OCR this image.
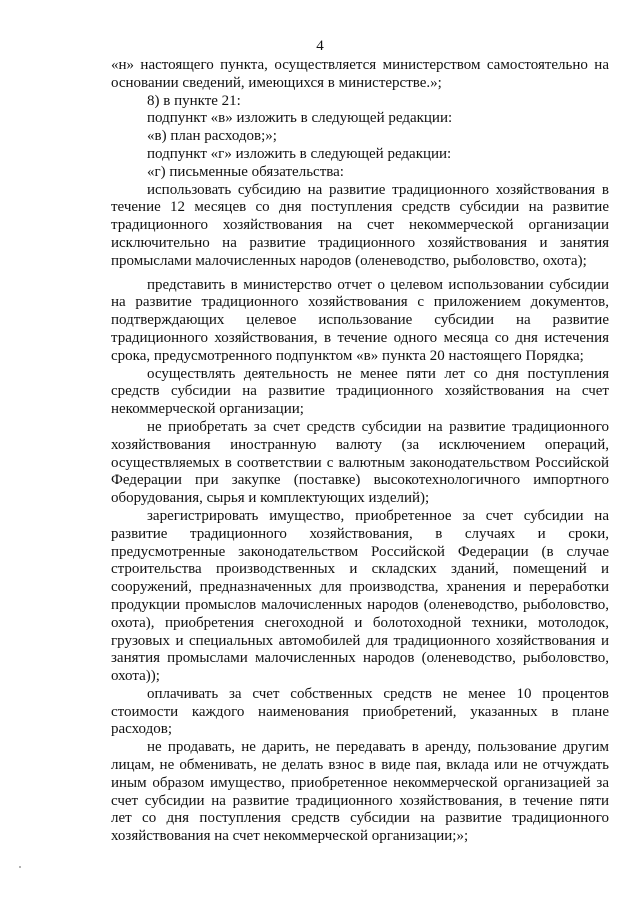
4

«н» настоящего пункта, осуществляется министерством самостоятельно на основании сведений, имеющихся в министерстве.»;

8) в пункте 21:

подпункт «в» изложить в следующей редакции:

«в) план расходов;»;

подпункт «г» изложить в следующей редакции:

«г) письменные обязательства:

использовать субсидию на развитие традиционного хозяйствования в течение 12 месяцев со дня поступления средств субсидии на развитие традиционного хозяйствования на счет некоммерческой организации исключительно на развитие традиционного хозяйствования и занятия промыслами малочисленных народов (оленеводство, рыболовство, охота);

представить в министерство отчет о целевом использовании субсидии на развитие традиционного хозяйствования с приложением документов, подтверждающих целевое использование субсидии на развитие традиционного хозяйствования, в течение одного месяца со дня истечения срока, предусмотренного подпунктом «в» пункта 20 настоящего Порядка;

осуществлять деятельность не менее пяти лет со дня поступления средств субсидии на развитие традиционного хозяйствования на счет некоммерческой организации;

не приобретать за счет средств субсидии на развитие традиционного хозяйствования иностранную валюту (за исключением операций, осуществляемых в соответствии с валютным законодательством Российской Федерации при закупке (поставке) высокотехнологичного импортного оборудования, сырья и комплектующих изделий);

зарегистрировать имущество, приобретенное за счет субсидии на развитие традиционного хозяйствования, в случаях и сроки, предусмотренные законодательством Российской Федерации (в случае строительства производственных и складских зданий, помещений и сооружений, предназначенных для производства, хранения и переработки продукции промыслов малочисленных народов (оленеводство, рыболовство, охота), приобретения снегоходной и болотоходной техники, мотолодок, грузовых и специальных автомобилей для традиционного хозяйствования и занятия промыслами малочисленных народов (оленеводство, рыболовство, охота));

оплачивать за счет собственных средств не менее 10 процентов стоимости каждого наименования приобретений, указанных в плане расходов;

не продавать, не дарить, не передавать в аренду, пользование другим лицам, не обменивать, не делать взнос в виде пая, вклада или не отчуждать иным образом имущество, приобретенное некоммерческой организацией за счет субсидии на развитие традиционного хозяйствования, в течение пяти лет со дня поступления средств субсидии на развитие традиционного хозяйствования на счет некоммерческой организации;»;
